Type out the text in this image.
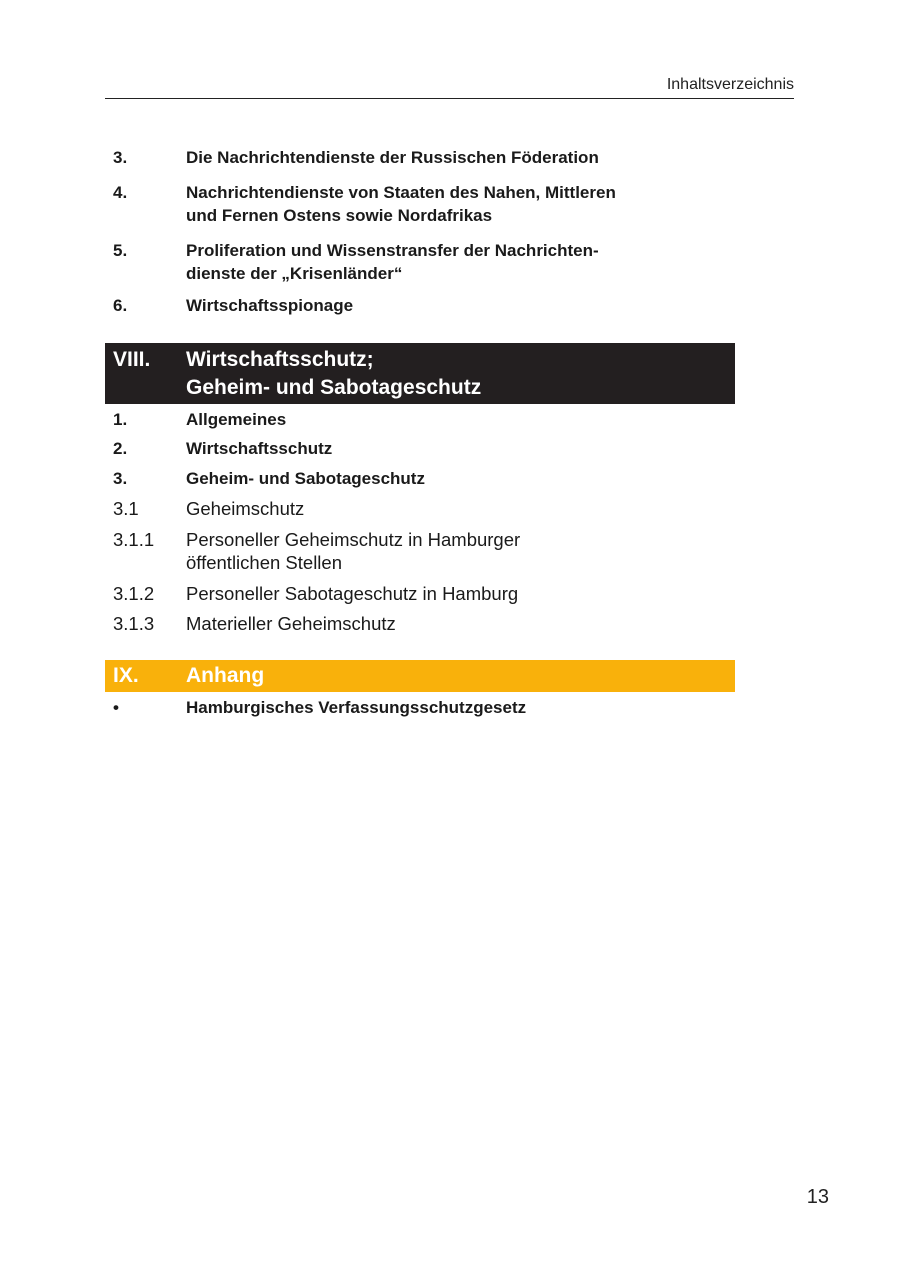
Inhaltsverzeichnis
3.	Die Nachrichtendienste der Russischen Föderation
4.	Nachrichtendienste von Staaten des Nahen, Mittleren
und Fernen Ostens sowie Nordafrikas
5.	Proliferation und Wissenstransfer der Nachrichten-
dienste der „Krisenländer“
6.	Wirtschaftsspionage
VIII.	Wirtschaftsschutz;
Geheim- und Sabotageschutz
1.	Allgemeines
2.	Wirtschaftsschutz
3.	Geheim- und Sabotageschutz
3.1	Geheimschutz
3.1.1	Personeller Geheimschutz in Hamburger
öffentlichen Stellen
3.1.2	Personeller Sabotageschutz in Hamburg
3.1.3	Materieller Geheimschutz
IX.	Anhang
•	Hamburgisches Verfassungsschutzgesetz
13
